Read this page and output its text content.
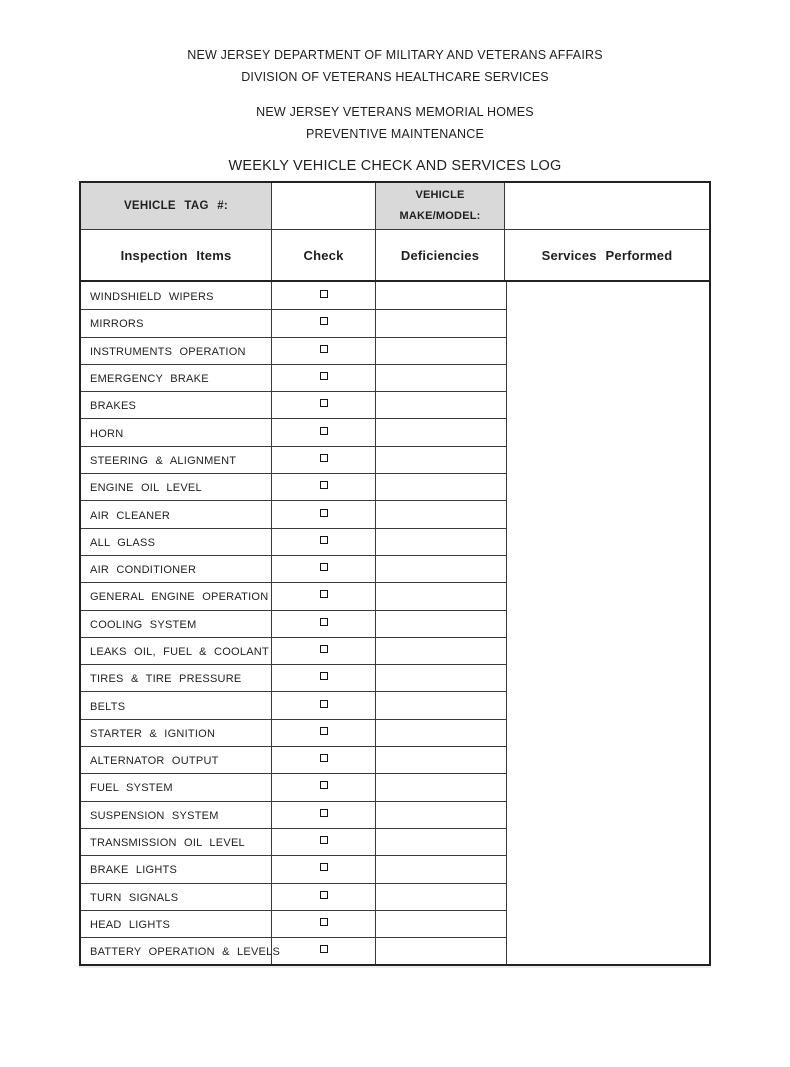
NEW JERSEY DEPARTMENT OF MILITARY AND VETERANS AFFAIRS
DIVISION OF VETERANS HEALTHCARE SERVICES
NEW JERSEY VETERANS MEMORIAL HOMES
PREVENTIVE MAINTENANCE
WEEKLY VEHICLE CHECK AND SERVICES LOG
VEHICLE TAG #:
VEHICLE
MAKE/MODEL:
Inspection Items	Check	Deficiencies	Services Performed
WINDSHIELD WIPERS
MIRRORS
INSTRUMENTS OPERATION
EMERGENCY BRAKE
BRAKES
HORN
STEERING & ALIGNMENT
ENGINE OIL LEVEL
AIR CLEANER
ALL GLASS
AIR CONDITIONER
GENERAL ENGINE OPERATION
COOLING SYSTEM
LEAKS OIL, FUEL & COOLANT
TIRES & TIRE PRESSURE
BELTS
STARTER & IGNITION
ALTERNATOR OUTPUT
FUEL SYSTEM
SUSPENSION SYSTEM
TRANSMISSION OIL LEVEL
BRAKE LIGHTS
TURN SIGNALS
HEAD LIGHTS
BATTERY OPERATION & LEVELS
